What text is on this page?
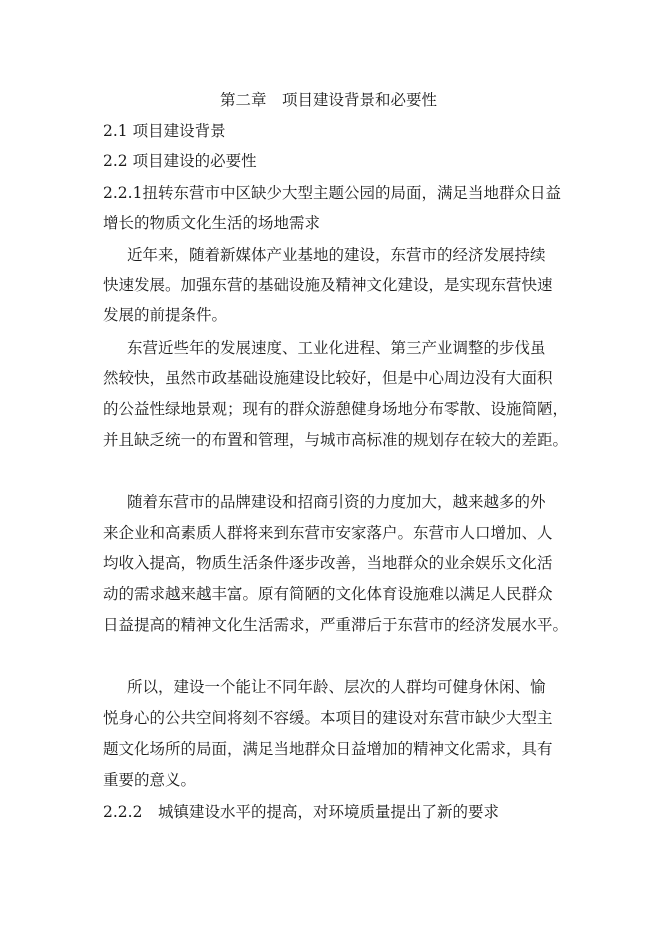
第二章　项目建设背景和必要性
2.1 项目建设背景
2.2 项目建设的必要性
2.2.1扭转东营市中区缺少大型主题公园的局面，满足当地群众日益
增长的物质文化生活的场地需求
近年来，随着新媒体产业基地的建设，东营市的经济发展持续
快速发展。加强东营的基础设施及精神文化建设，是实现东营快速
发展的前提条件。
东营近些年的发展速度、工业化进程、第三产业调整的步伐虽
然较快，虽然市政基础设施建设比较好，但是中心周边没有大面积
的公益性绿地景观；现有的群众游憩健身场地分布零散、设施简陋，
并且缺乏统一的布置和管理，与城市高标准的规划存在较大的差距。
随着东营市的品牌建设和招商引资的力度加大，越来越多的外
来企业和高素质人群将来到东营市安家落户。东营市人口增加、人
均收入提高，物质生活条件逐步改善，当地群众的业余娱乐文化活
动的需求越来越丰富。原有简陋的文化体育设施难以满足人民群众
日益提高的精神文化生活需求，严重滞后于东营市的经济发展水平。
所以，建设一个能让不同年龄、层次的人群均可健身休闲、愉
悦身心的公共空间将刻不容缓。本项目的建设对东营市缺少大型主
题文化场所的局面，满足当地群众日益增加的精神文化需求，具有
重要的意义。
2.2.2　城镇建设水平的提高，对环境质量提出了新的要求
